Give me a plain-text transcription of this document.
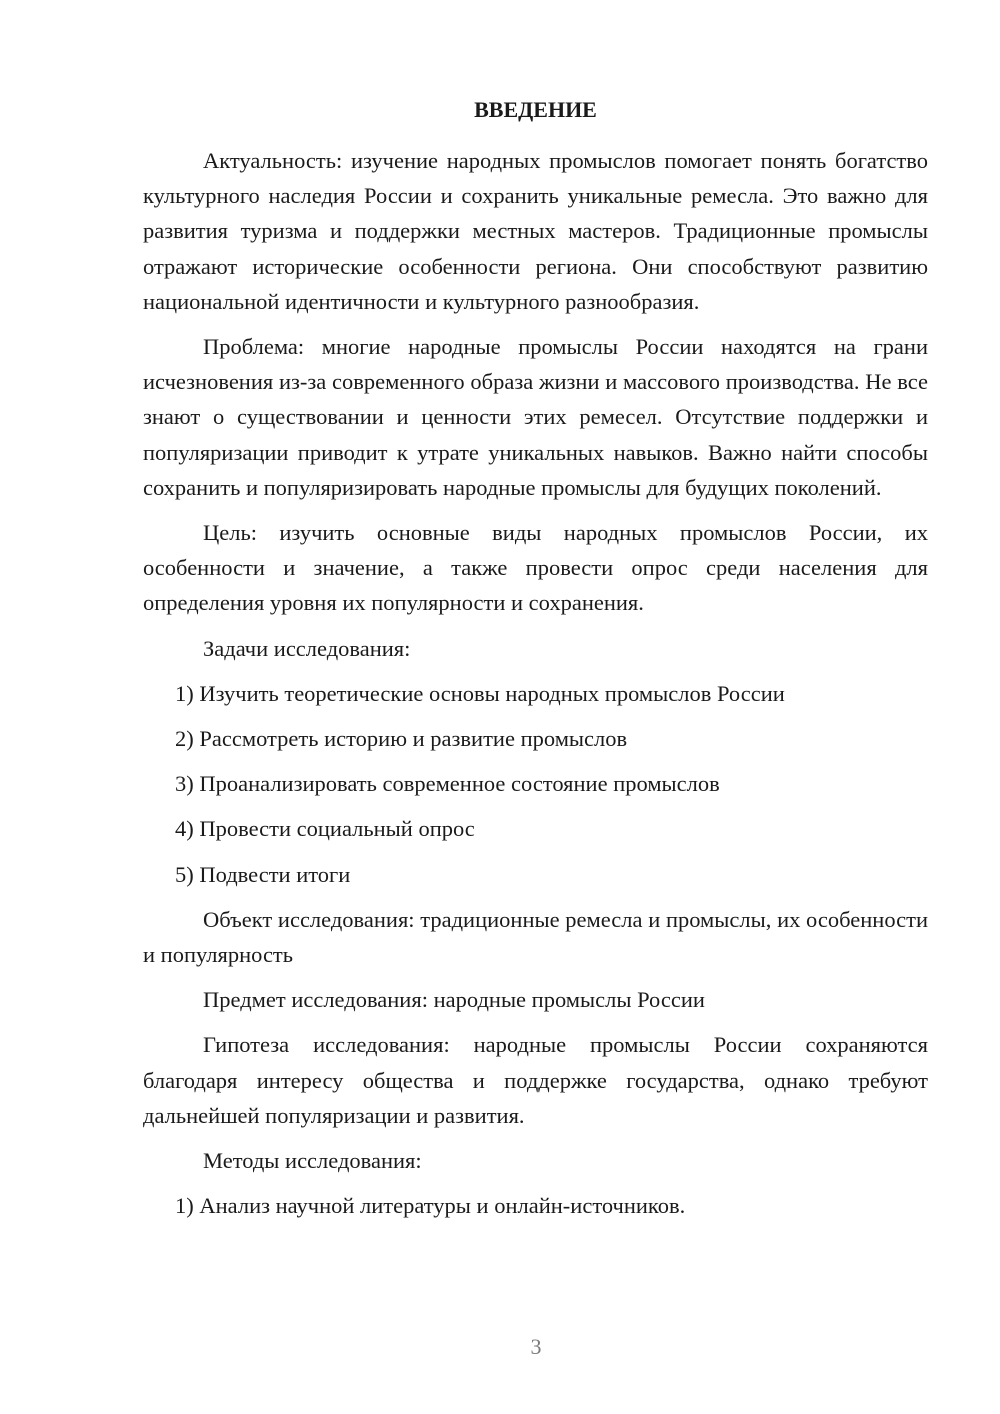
ВВЕДЕНИЕ

Актуальность: изучение народных промыслов помогает понять богатство культурного наследия России и сохранить уникальные ремесла. Это важно для развития туризма и поддержки местных мастеров. Традиционные промыслы отражают исторические особенности региона. Они способствуют развитию национальной идентичности и культурного разнообразия.

Проблема: многие народные промыслы России находятся на грани исчезновения из-за современного образа жизни и массового производства. Не все знают о существовании и ценности этих ремесел. Отсутствие поддержки и популяризации приводит к утрате уникальных навыков. Важно найти способы сохранить и популяризировать народные промыслы для будущих поколений.

Цель: изучить основные виды народных промыслов России, их особенности и значение, а также провести опрос среди населения для определения уровня их популярности и сохранения.

Задачи исследования:

1) Изучить теоретические основы народных промыслов России

2) Рассмотреть историю и развитие промыслов

3) Проанализировать современное состояние промыслов

4) Провести социальный опрос

5) Подвести итоги

Объект исследования: традиционные ремесла и промыслы, их особенности и популярность

Предмет исследования: народные промыслы России

Гипотеза исследования: народные промыслы России сохраняются благодаря интересу общества и поддержке государства, однако требуют дальнейшей популяризации и развития.

Методы исследования:

1) Анализ научной литературы и онлайн-источников.

3
